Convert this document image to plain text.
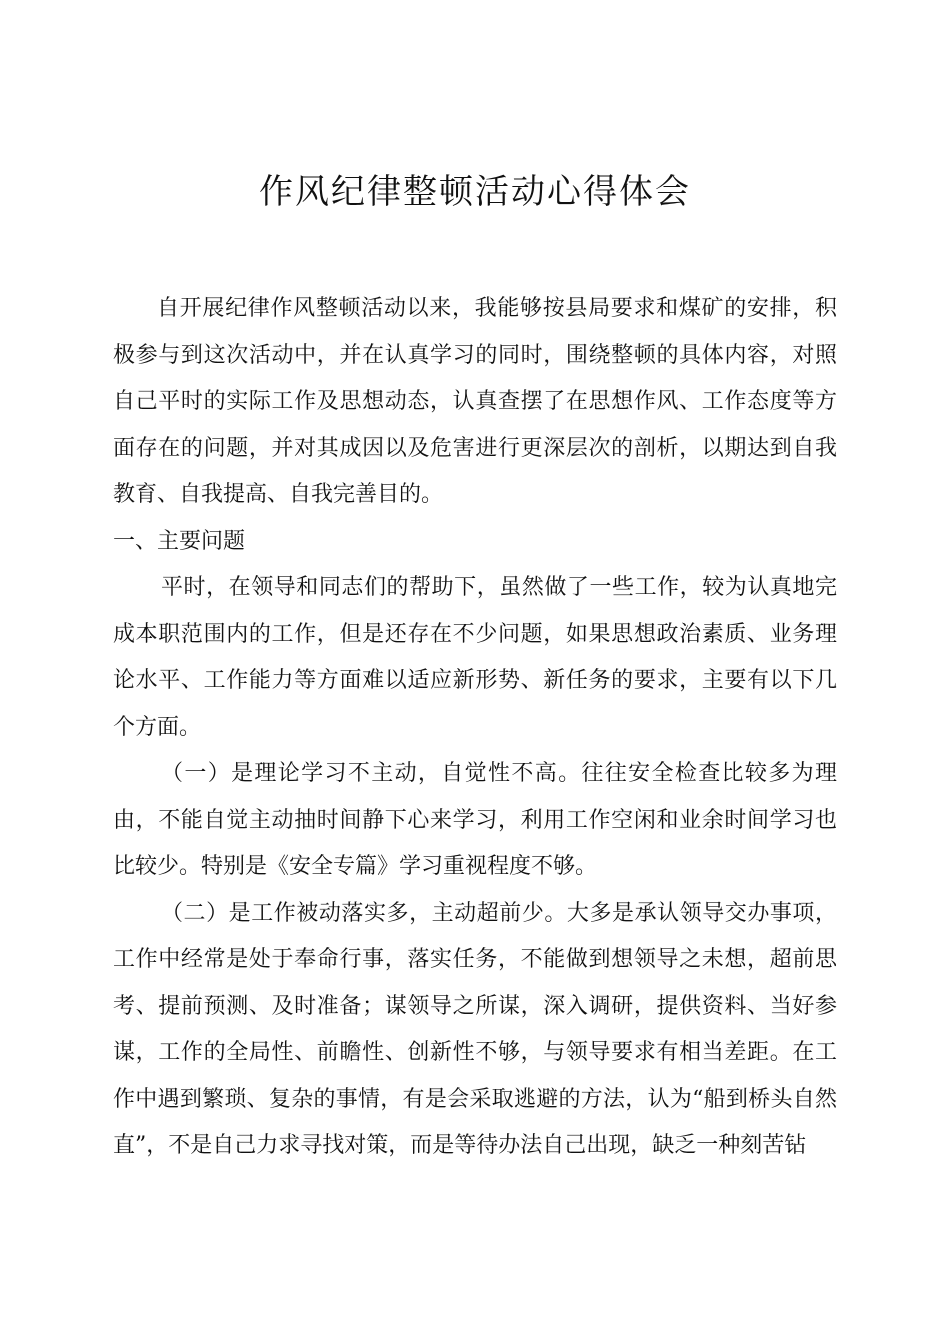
作风纪律整顿活动心得体会

自开展纪律作风整顿活动以来，我能够按县局要求和煤矿的安排，积极参与到这次活动中，并在认真学习的同时，围绕整顿的具体内容，对照自己平时的实际工作及思想动态，认真查摆了在思想作风、工作态度等方面存在的问题，并对其成因以及危害进行更深层次的剖析，以期达到自我教育、自我提高、自我完善目的。

一、主要问题

平时，在领导和同志们的帮助下，虽然做了一些工作，较为认真地完成本职范围内的工作，但是还存在不少问题，如果思想政治素质、业务理论水平、工作能力等方面难以适应新形势、新任务的要求，主要有以下几个方面。

（一）是理论学习不主动，自觉性不高。往往安全检查比较多为理由，不能自觉主动抽时间静下心来学习，利用工作空闲和业余时间学习也比较少。特别是《安全专篇》学习重视程度不够。

（二）是工作被动落实多，主动超前少。大多是承认领导交办事项，工作中经常是处于奉命行事，落实任务，不能做到想领导之未想，超前思考、提前预测、及时准备；谋领导之所谋，深入调研，提供资料、当好参谋，工作的全局性、前瞻性、创新性不够，与领导要求有相当差距。在工作中遇到繁琐、复杂的事情，有是会采取逃避的方法，认为“船到桥头自然直”，不是自己力求寻找对策，而是等待办法自己出现，缺乏一种刻苦钻
